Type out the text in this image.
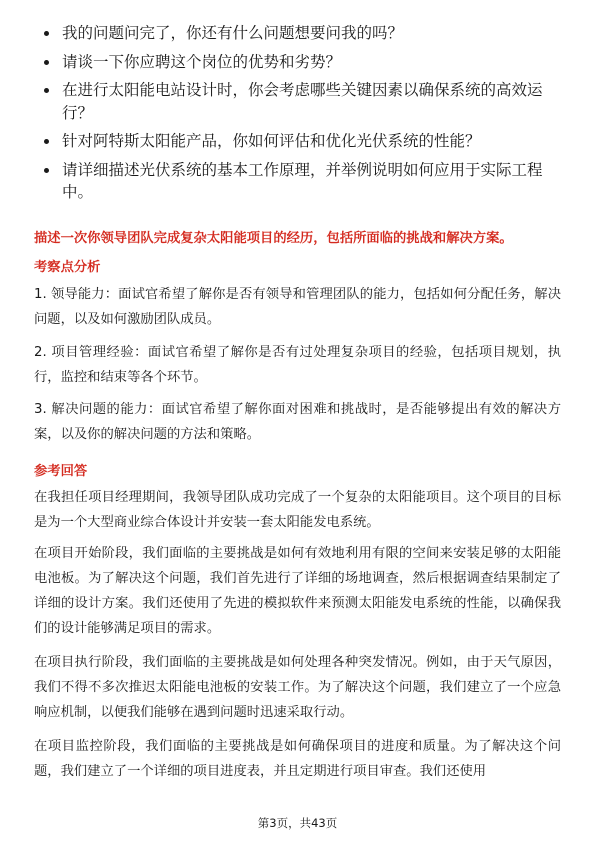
我的问题问完了，你还有什么问题想要问我的吗？
请谈一下你应聘这个岗位的优势和劣势？
在进行太阳能电站设计时，你会考虑哪些关键因素以确保系统的高效运行？
针对阿特斯太阳能产品，你如何评估和优化光伏系统的性能？
请详细描述光伏系统的基本工作原理，并举例说明如何应用于实际工程中。
描述一次你领导团队完成复杂太阳能项目的经历，包括所面临的挑战和解决方案。
考察点分析
1. 领导能力：面试官希望了解你是否有领导和管理团队的能力，包括如何分配任务，解决问题，以及如何激励团队成员。
2. 项目管理经验：面试官希望了解你是否有过处理复杂项目的经验，包括项目规划，执行，监控和结束等各个环节。
3. 解决问题的能力：面试官希望了解你面对困难和挑战时，是否能够提出有效的解决方案，以及你的解决问题的方法和策略。
参考回答
在我担任项目经理期间，我领导团队成功完成了一个复杂的太阳能项目。这个项目的目标是为一个大型商业综合体设计并安装一套太阳能发电系统。
在项目开始阶段，我们面临的主要挑战是如何有效地利用有限的空间来安装足够的太阳能电池板。为了解决这个问题，我们首先进行了详细的场地调查，然后根据调查结果制定了详细的设计方案。我们还使用了先进的模拟软件来预测太阳能发电系统的性能，以确保我们的设计能够满足项目的需求。
在项目执行阶段，我们面临的主要挑战是如何处理各种突发情况。例如，由于天气原因，我们不得不多次推迟太阳能电池板的安装工作。为了解决这个问题，我们建立了一个应急响应机制，以便我们能够在遇到问题时迅速采取行动。
在项目监控阶段，我们面临的主要挑战是如何确保项目的进度和质量。为了解决这个问题，我们建立了一个详细的项目进度表，并且定期进行项目审查。我们还使用
第3页，共43页
